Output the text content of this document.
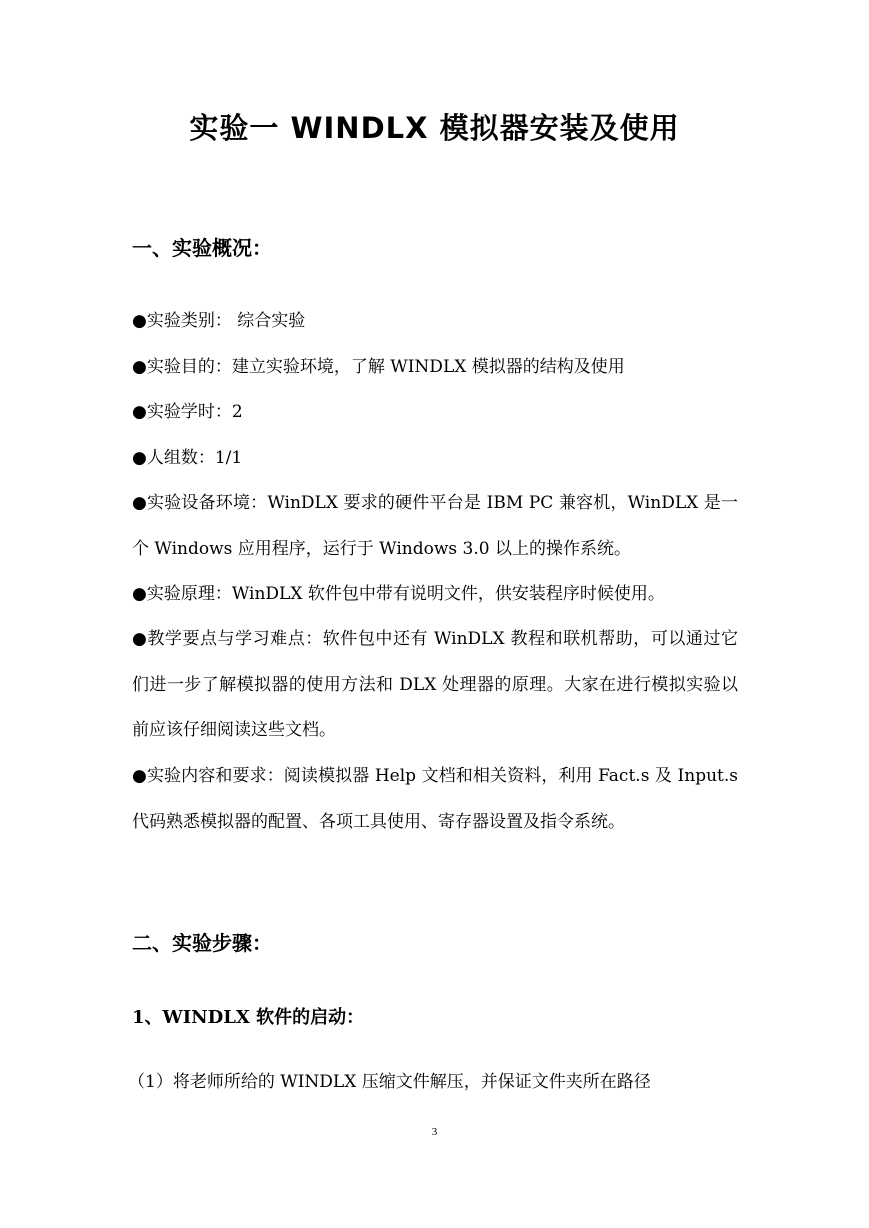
实验一 WINDLX 模拟器安装及使用
一、实验概况：
●实验类别： 综合实验
●实验目的：建立实验环境，了解 WINDLX 模拟器的结构及使用
●实验学时：2
●人组数：1/1
●实验设备环境：WinDLX 要求的硬件平台是 IBM PC 兼容机，WinDLX 是一个 Windows 应用程序，运行于 Windows 3.0 以上的操作系统。
●实验原理：WinDLX 软件包中带有说明文件，供安装程序时候使用。
●教学要点与学习难点：软件包中还有 WinDLX 教程和联机帮助，可以通过它们进一步了解模拟器的使用方法和 DLX 处理器的原理。大家在进行模拟实验以前应该仔细阅读这些文档。
●实验内容和要求：阅读模拟器 Help 文档和相关资料，利用 Fact.s 及 Input.s 代码熟悉模拟器的配置、各项工具使用、寄存器设置及指令系统。
二、实验步骤：
1、WINDLX 软件的启动：
（1）将老师所给的 WINDLX 压缩文件解压，并保证文件夹所在路径
3
